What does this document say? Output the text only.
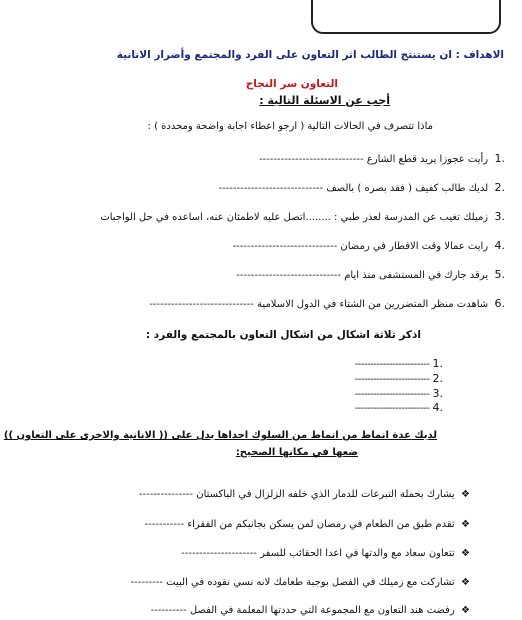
الاهداف : ان يستنتج الطالب اثر التعاون على الفرد والمجتمع وأضرار الانانية
التعاون سر النجاح
أجب عن الاسئلة التالية :
ماذا تتصرف في الحالات التالية ( ارجو اعطاء اجابة واضحة ومحددة ) :
.1  رأيت عجوزا يريد قطع الشارع -----------------------------
.2  لديك طالب كفيف ( فقد بصره ) بالصف -----------------------------
.3  زميلك تغيب عن المدرسة لعذر طبي : ........اتصل عليه لاطمئان عنه، اساعده في حل الواجبات
.4  رايت عمالا وقت الافطار في رمضان -----------------------------
.5  يرقد جارك في المستشفى منذ ايام -----------------------------
.6  شاهدت منظر المتضررين من الشتاء في الدول الاسلامية -----------------------------
اذكر ثلاثة اشكال من اشكال التعاون بالمجتمع والفرد :
.1 ------------------------
.2 ------------------------
.3 ------------------------
.4 ------------------------
لديك عدة انماط من انماط من السلوك احداها يدل على (( الانانية والاخرى على التعاون ))
ضعها في مكانها الصحيح:
❖  يشارك بحملة التبرعات للدمار الذي خلفه الزلزال في الباكستان ---------------
❖  تقدم طبق من الطعام في رمضان لمن يسكن بجانبكم من الفقراء -----------
❖  تتعاون سعاد مع والدتها في اعدا الحقائب للسفر ---------------------
❖  تشاركت مع زميلك في الفصل بوجبة طعامك لانه نسي نقوده في البيت ---------
❖  رفضت هند التعاون مع المجموعة التي حددتها المعلمة في الفصل ----------
